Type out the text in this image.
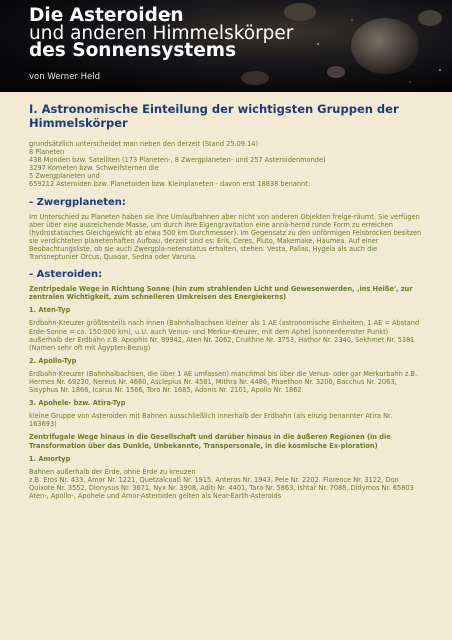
Die Asteroiden
und anderen Himmelskörper
des Sonnensystems
von Werner Held
I. Astronomische Einteilung der wichtigsten Gruppen der Himmelskörper

grundsätzlich unterscheidet man neben den derzeit (Stand 25.09.14)
8 Planeten
438 Monden bzw. Satelliten (173 Planeten-, 8 Zwergplaneten- und 257 Asteroidenmonde)
3297 Kometen bzw. Schweifsternen die
5 Zwergplaneten und
659212 Asteroiden bzw. Planetoiden bzw. Kleinplaneten - davon erst 18838 benannt:

- Zwergplaneten:

Im Unterschied zu Planeten haben sie ihre Umlaufbahnen aber nicht von anderen Objekten freige-räumt. Sie verfügen aber über eine ausreichende Masse, um durch ihre Eigengravitation eine annä-hernd runde Form zu erreichen (hydrostatisches Gleichgewicht ab etwa 500 km Durchmesser). Im Gegensatz zu den unförmigen Felsbrocken besitzen sie verdichteten planetenhaften Aufbau, derzeit sind es: Eris, Ceres, Pluto, Makemake, Haumea. Auf einer Beobachtungsliste, ob sie auch Zwergpla-netenstatus erhalten, stehen: Vesta, Pallas, Hygeia als auch die Transneptunier Orcus, Quaoar, Sedna oder Varuna.

- Asteroiden:

Zentripedale Wege in Richtung Sonne (hin zum strahlenden Licht und Gewesenwerden, ‚ins Heiße', zur zentralen Wichtigkeit, zum schnelleren Umkreisen des Energiekerns)

1. Aten-Typ

Erdbahn-Kreuzer größtenteils nach innen (Bahnhalbachsen kleiner als 1 AE (astronomische Einheiten, 1 AE = Abstand Erde-Sonne = ca. 150.000 km), u.U. auch Venus- und Merkur-Kreuzer, mit dem Aphel (sonnenfernster Punkt) außerhalb der Erdbahn z.B. Apophis Nr. 99942, Aten Nr. 2062, Cruithne Nr. 3753, Hathor Nr. 2340, Sekhmet Nr. 5381 (Namen sehr oft mit Ägypten-Bezug)

2. Apollo-Typ

Erdbahn-Kreuzer (Bahnhalbachsen, die über 1 AE umfassen) manchmal bis über die Venus- oder gar Merkurbahn z.B. Hermes Nr. 69230, Nereus Nr. 4660, Asclepius Nr. 4581, Mithra Nr. 4486, Phaethon Nr. 3200, Bacchus Nr. 2063, Sisyphus Nr. 1866, Icarus Nr. 1566, Toro Nr. 1685, Adonis Nr. 2101, Apollo Nr. 1862

3. Apohele- bzw. Atira-Typ

kleine Gruppe von Asteroiden mit Bahnen ausschließlich innerhalb der Erdbahn (als einzig benannter Atira Nr. 163693)

Zentrifugale Wege hinaus in die Gesellschaft und darüber hinaus in die äußeren Regionen (in die Transformation über das Dunkle, Unbekannte, Transpersonale, in die kosmische Ex-ploration)

1. Amortyp

Bahnen außerhalb der Erde, ohne Erde zu kreuzen
z.B. Eros Nr. 433, Amor Nr. 1221, Quetzalcoatl Nr. 1915, Anteros Nr. 1943, Pele Nr. 2202. Florence Nr. 3122, Don Quixote Nr. 3552, Dionysus Nr. 3671, Nyx Nr. 3908, Aditi Nr. 4401, Tara Nr. 5863, Ishtar Nr. 7088, Didymos Nr. 65803
Aten-, Apollo-, Apohele und Amor-Asteroiden gelten als Near-Earth-Asteroids
